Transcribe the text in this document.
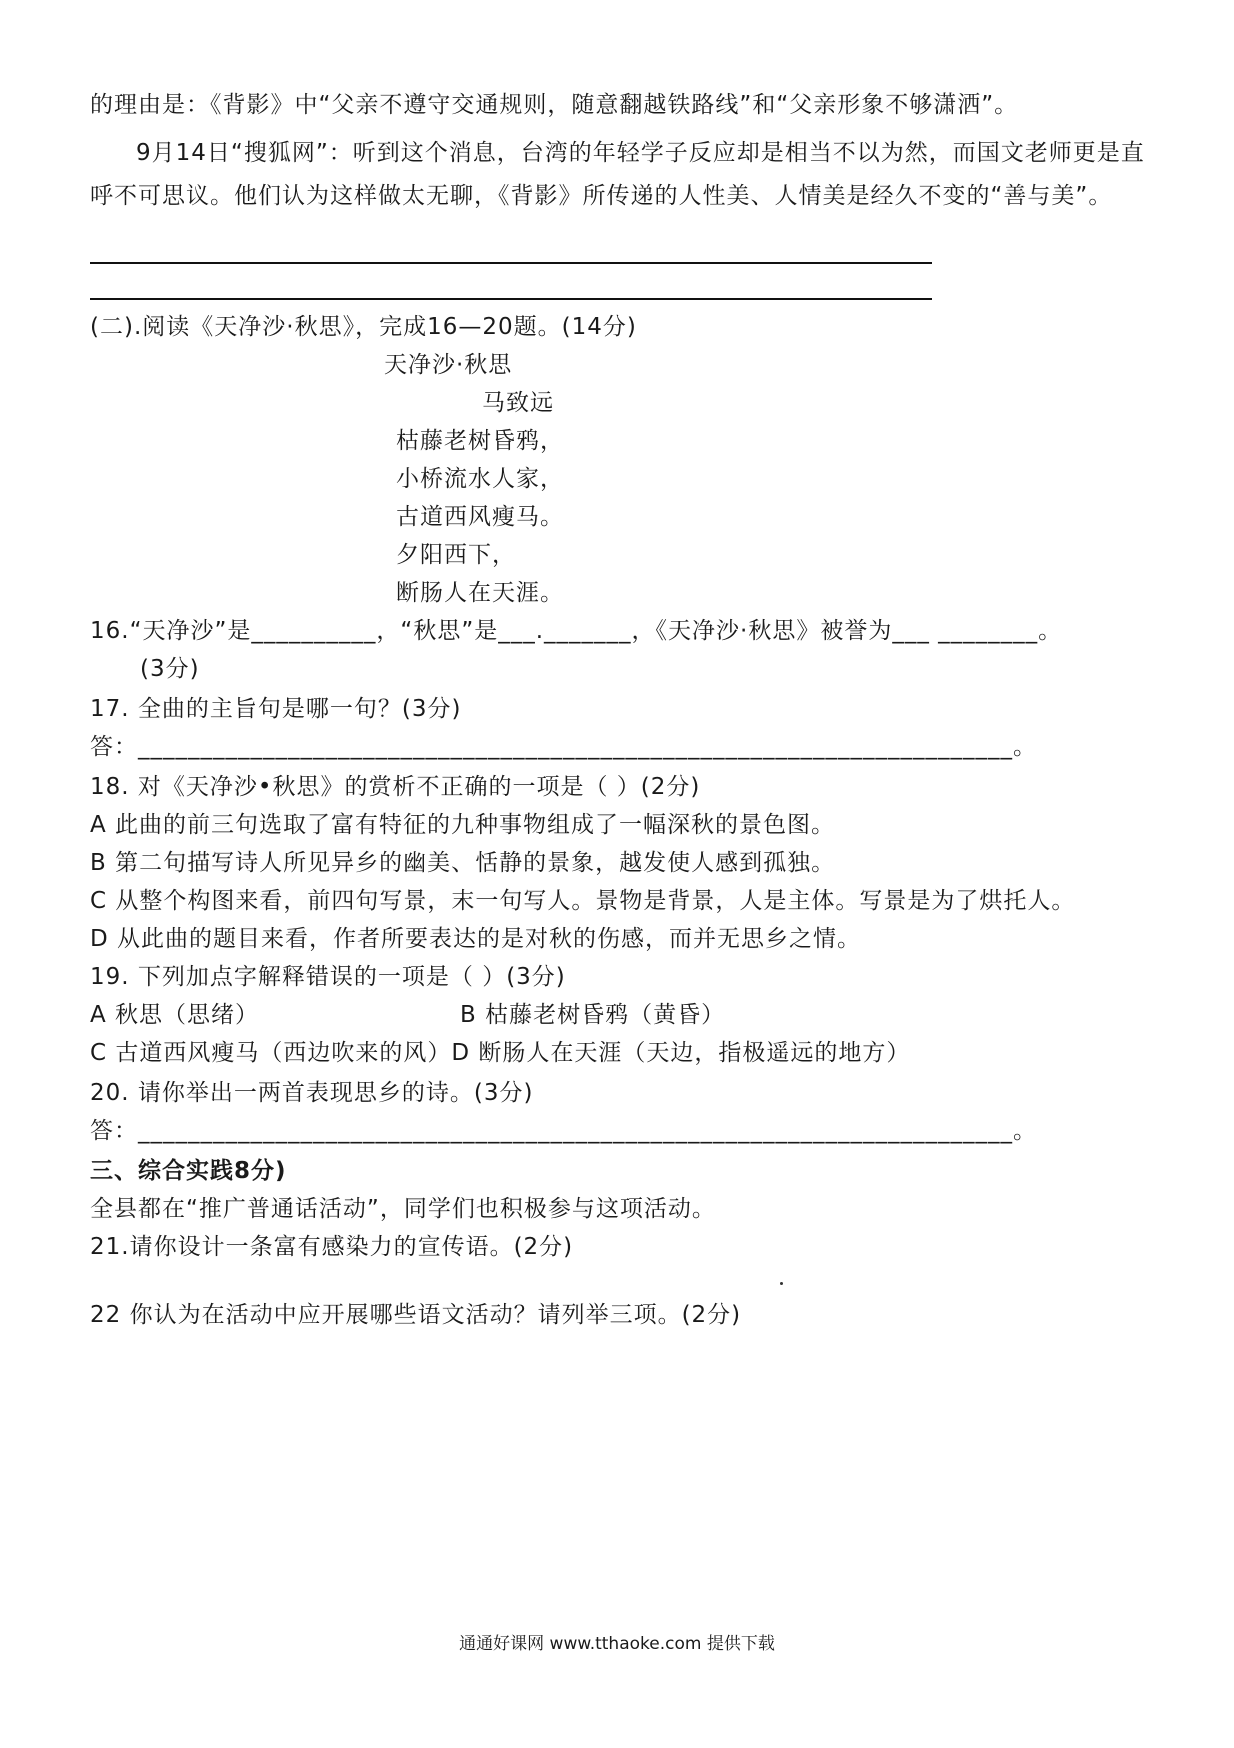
的理由是：《背影》中“父亲不遵守交通规则，随意翻越铁路线”和“父亲形象不够潇洒”。
9月14日“搜狐网”：听到这个消息，台湾的年轻学子反应却是相当不以为然，而国文老师更是直呼不可思议。他们认为这样做太无聊，《背影》所传递的人性美、人情美是经久不变的“善与美”。
(二).阅读《天净沙·秋思》，完成16—20题。(14分)
天净沙·秋思
马致远
枯藤老树昏鸦，
小桥流水人家，
古道西风瘦马。
夕阳西下，
断肠人在天涯。
16.“天净沙”是__________，“秋思”是___._______，《天净沙·秋思》被誉为___ ________。
(3分)
17. 全曲的主旨句是哪一句？(3分)
答：______________________________________________________________________。
18. 对《天净沙•秋思》的赏析不正确的一项是（ ）(2分)
A 此曲的前三句选取了富有特征的九种事物组成了一幅深秋的景色图。
B 第二句描写诗人所见异乡的幽美、恬静的景象，越发使人感到孤独。
C 从整个构图来看，前四句写景，末一句写人。景物是背景，人是主体。写景是为了烘托人。
D 从此曲的题目来看，作者所要表达的是对秋的伤感，而并无思乡之情。
19. 下列加点字解释错误的一项是（ ）(3分)
A 秋思（思绪）	B 枯藤老树昏鸦（黄昏）
C 古道西风瘦马（西边吹来的风）D 断肠人在天涯（天边，指极遥远的地方）
20. 请你举出一两首表现思乡的诗。(3分)
答：______________________________________________________________________。
三、综合实践8分)
全县都在“推广普通话活动”，同学们也积极参与这项活动。
21.请你设计一条富有感染力的宣传语。(2分)
22 你认为在活动中应开展哪些语文活动？请列举三项。(2分)
通通好课网 www.tthaoke.com 提供下载
